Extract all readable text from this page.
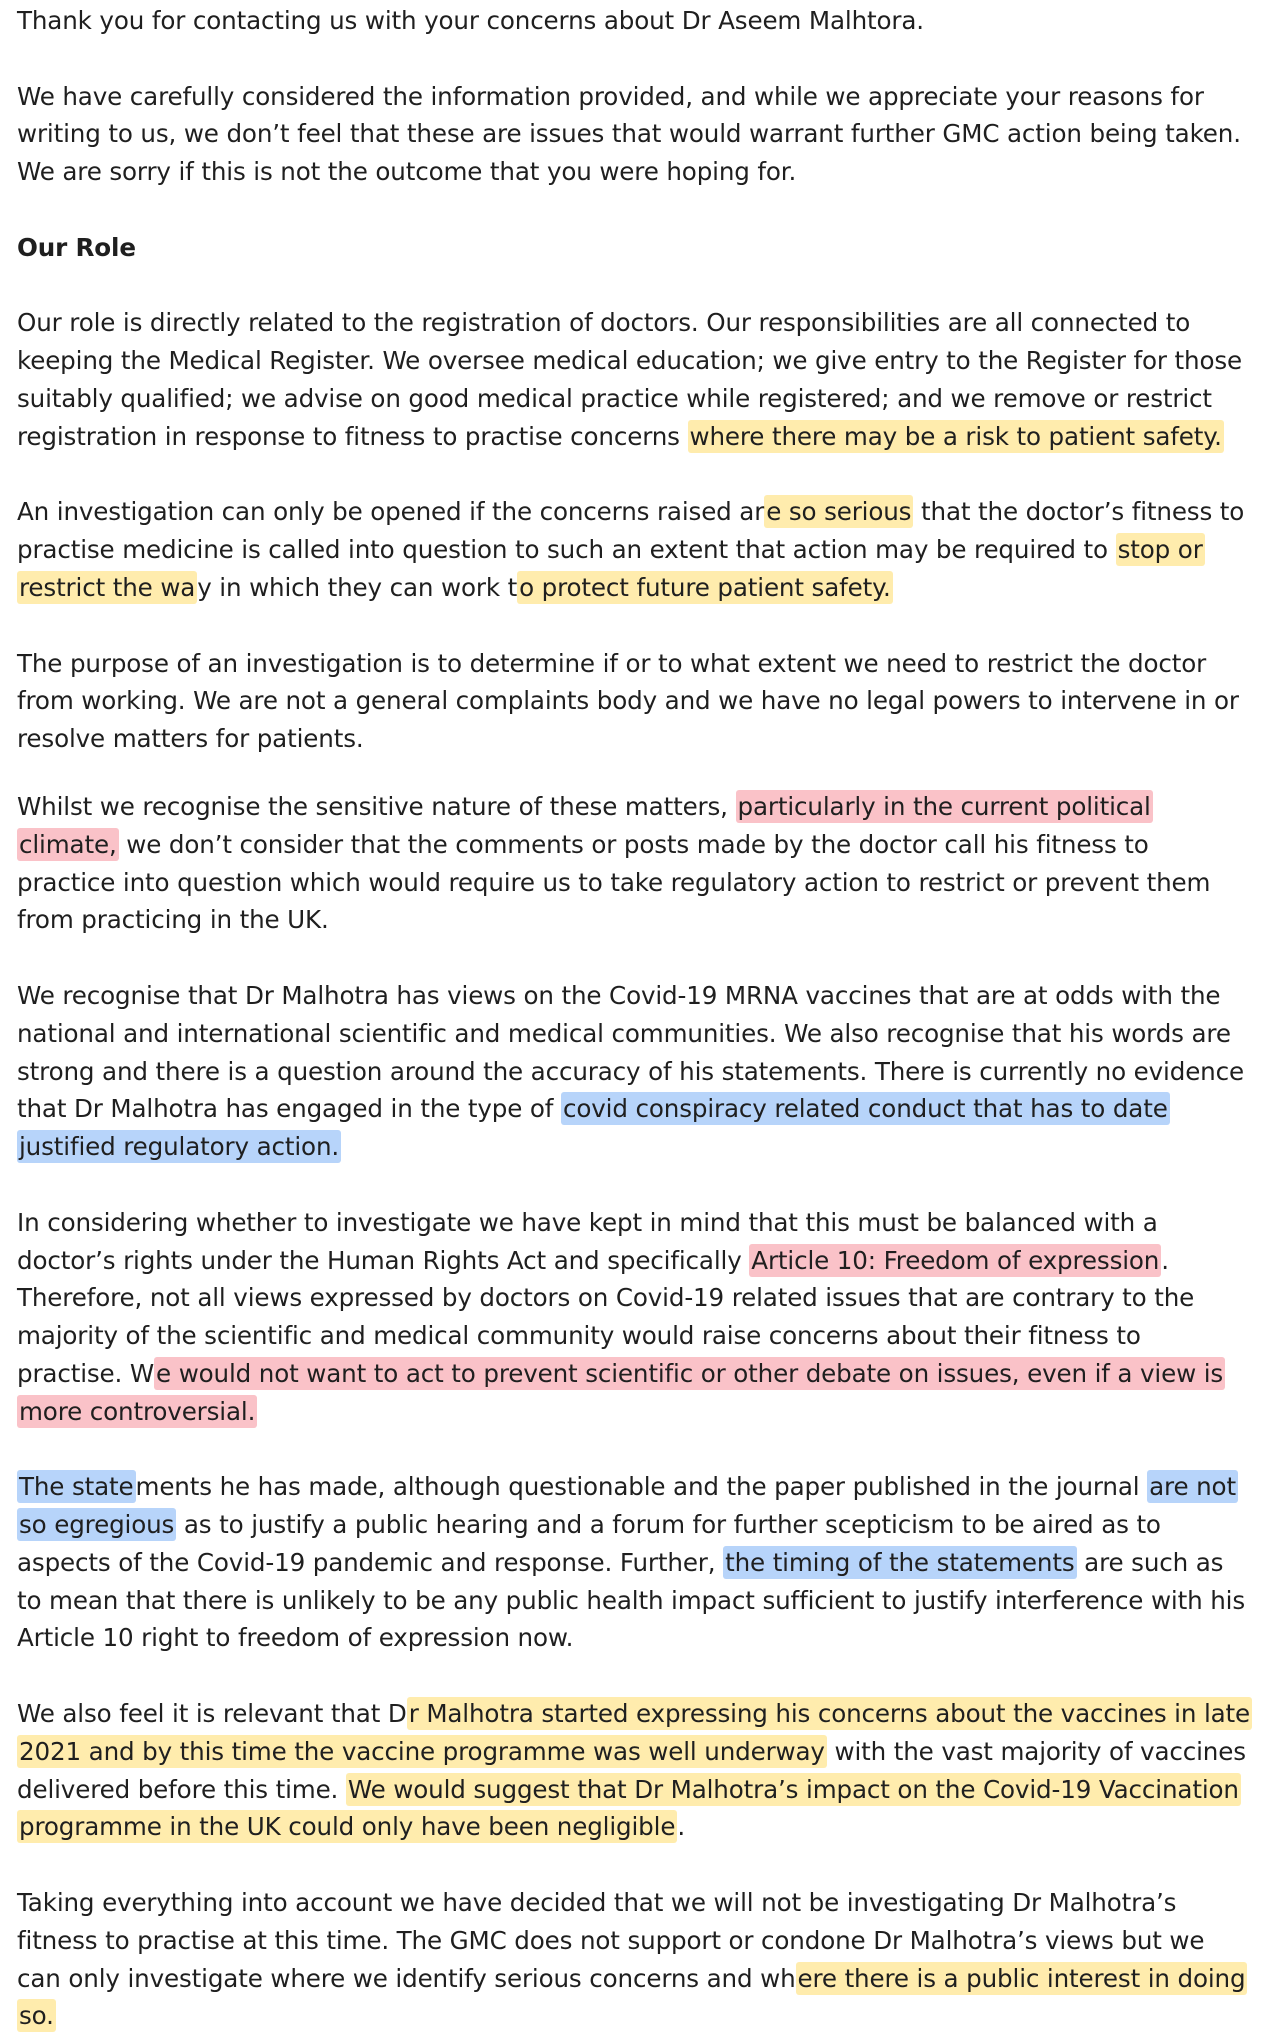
Thank you for contacting us with your concerns about Dr Aseem Malhtora.

We have carefully considered the information provided, and while we appreciate your reasons for writing to us, we don’t feel that these are issues that would warrant further GMC action being taken. We are sorry if this is not the outcome that you were hoping for.

Our Role

Our role is directly related to the registration of doctors. Our responsibilities are all connected to keeping the Medical Register. We oversee medical education; we give entry to the Register for those suitably qualified; we advise on good medical practice while registered; and we remove or restrict registration in response to fitness to practise concerns where there may be a risk to patient safety.

An investigation can only be opened if the concerns raised are so serious that the doctor’s fitness to practise medicine is called into question to such an extent that action may be required to stop or restrict the way in which they can work to protect future patient safety.

The purpose of an investigation is to determine if or to what extent we need to restrict the doctor from working. We are not a general complaints body and we have no legal powers to intervene in or resolve matters for patients.

Whilst we recognise the sensitive nature of these matters, particularly in the current political climate, we don’t consider that the comments or posts made by the doctor call his fitness to practice into question which would require us to take regulatory action to restrict or prevent them from practicing in the UK.

We recognise that Dr Malhotra has views on the Covid-19 MRNA vaccines that are at odds with the national and international scientific and medical communities. We also recognise that his words are strong and there is a question around the accuracy of his statements. There is currently no evidence that Dr Malhotra has engaged in the type of covid conspiracy related conduct that has to date justified regulatory action.

In considering whether to investigate we have kept in mind that this must be balanced with a doctor’s rights under the Human Rights Act and specifically Article 10: Freedom of expression. Therefore, not all views expressed by doctors on Covid-19 related issues that are contrary to the majority of the scientific and medical community would raise concerns about their fitness to practise. We would not want to act to prevent scientific or other debate on issues, even if a view is more controversial.

The statements he has made, although questionable and the paper published in the journal are not so egregious as to justify a public hearing and a forum for further scepticism to be aired as to aspects of the Covid-19 pandemic and response. Further, the timing of the statements are such as to mean that there is unlikely to be any public health impact sufficient to justify interference with his Article 10 right to freedom of expression now.

We also feel it is relevant that Dr Malhotra started expressing his concerns about the vaccines in late 2021 and by this time the vaccine programme was well underway with the vast majority of vaccines delivered before this time. We would suggest that Dr Malhotra’s impact on the Covid-19 Vaccination programme in the UK could only have been negligible.

Taking everything into account we have decided that we will not be investigating Dr Malhotra’s fitness to practise at this time. The GMC does not support or condone Dr Malhotra’s views but we can only investigate where we identify serious concerns and where there is a public interest in doing so.
